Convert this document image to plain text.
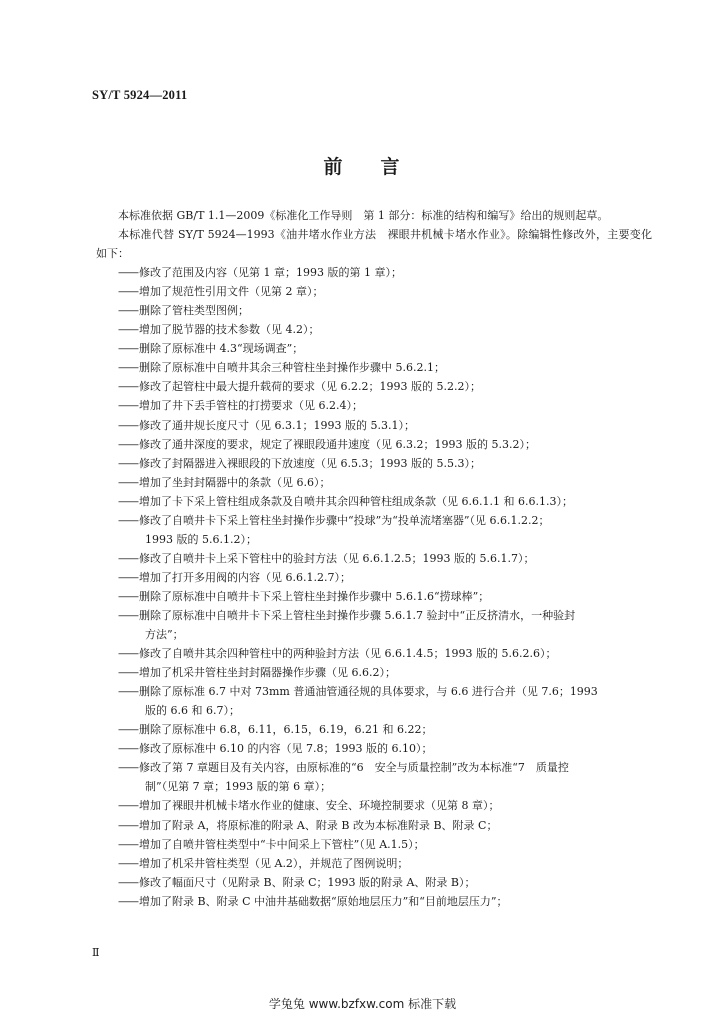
SY/T 5924—2011
前 言

本标准依据 GB/T 1.1—2009《标准化工作导则　第 1 部分：标准的结构和编写》给出的规则起草。

本标准代替 SY/T 5924—1993《油井堵水作业方法　裸眼井机械卡堵水作业》。除编辑性修改外，主要变化如下：

——修改了范围及内容（见第 1 章；1993 版的第 1 章）；

——增加了规范性引用文件（见第 2 章）；

——删除了管柱类型图例；

——增加了脱节器的技术参数（见 4.2）；

——删除了原标准中 4.3“现场调查”；

——删除了原标准中自喷井其余三种管柱坐封操作步骤中 5.6.2.1；

——修改了起管柱中最大提升载荷的要求（见 6.2.2；1993 版的 5.2.2）；

——增加了井下丢手管柱的打捞要求（见 6.2.4）；

——修改了通井规长度尺寸（见 6.3.1；1993 版的 5.3.1）；

——修改了通井深度的要求，规定了裸眼段通井速度（见 6.3.2；1993 版的 5.3.2）；

——修改了封隔器进入裸眼段的下放速度（见 6.5.3；1993 版的 5.5.3）；

——增加了坐封封隔器中的条款（见 6.6）；

——增加了卡下采上管柱组成条款及自喷井其余四种管柱组成条款（见 6.6.1.1 和 6.6.1.3）；

——修改了自喷井卡下采上管柱坐封操作步骤中“投球”为“投单流堵塞器”（见 6.6.1.2.2；
1993 版的 5.6.1.2）；

——修改了自喷井卡上采下管柱中的验封方法（见 6.6.1.2.5；1993 版的 5.6.1.7）；

——增加了打开多用阀的内容（见 6.6.1.2.7）；

——删除了原标准中自喷井卡下采上管柱坐封操作步骤中 5.6.1.6“捞球棒”；

——删除了原标准中自喷井卡下采上管柱坐封操作步骤 5.6.1.7 验封中“正反挤清水，一种验封
方法”；

——修改了自喷井其余四种管柱中的两种验封方法（见 6.6.1.4.5；1993 版的 5.6.2.6）；

——增加了机采井管柱坐封封隔器操作步骤（见 6.6.2）；

——删除了原标准 6.7 中对 73mm 普通油管通径规的具体要求，与 6.6 进行合并（见 7.6；1993
版的 6.6 和 6.7）；

——删除了原标准中 6.8，6.11，6.15，6.19，6.21 和 6.22；

——修改了原标准中 6.10 的内容（见 7.8；1993 版的 6.10）；

——修改了第 7 章题目及有关内容，由原标准的“6　安全与质量控制”改为本标准“7　质量控
制”（见第 7 章；1993 版的第 6 章）；

——增加了裸眼井机械卡堵水作业的健康、安全、环境控制要求（见第 8 章）；

——增加了附录 A，将原标准的附录 A、附录 B 改为本标准附录 B、附录 C；

——增加了自喷井管柱类型中“卡中间采上下管柱”（见 A.1.5）；

——增加了机采井管柱类型（见 A.2），并规范了图例说明；

——修改了幅面尺寸（见附录 B、附录 C；1993 版的附录 A、附录 B）；

——增加了附录 B、附录 C 中油井基础数据“原始地层压力”和“目前地层压力”；

Ⅱ
学兔兔 www.bzfxw.com 标准下载
